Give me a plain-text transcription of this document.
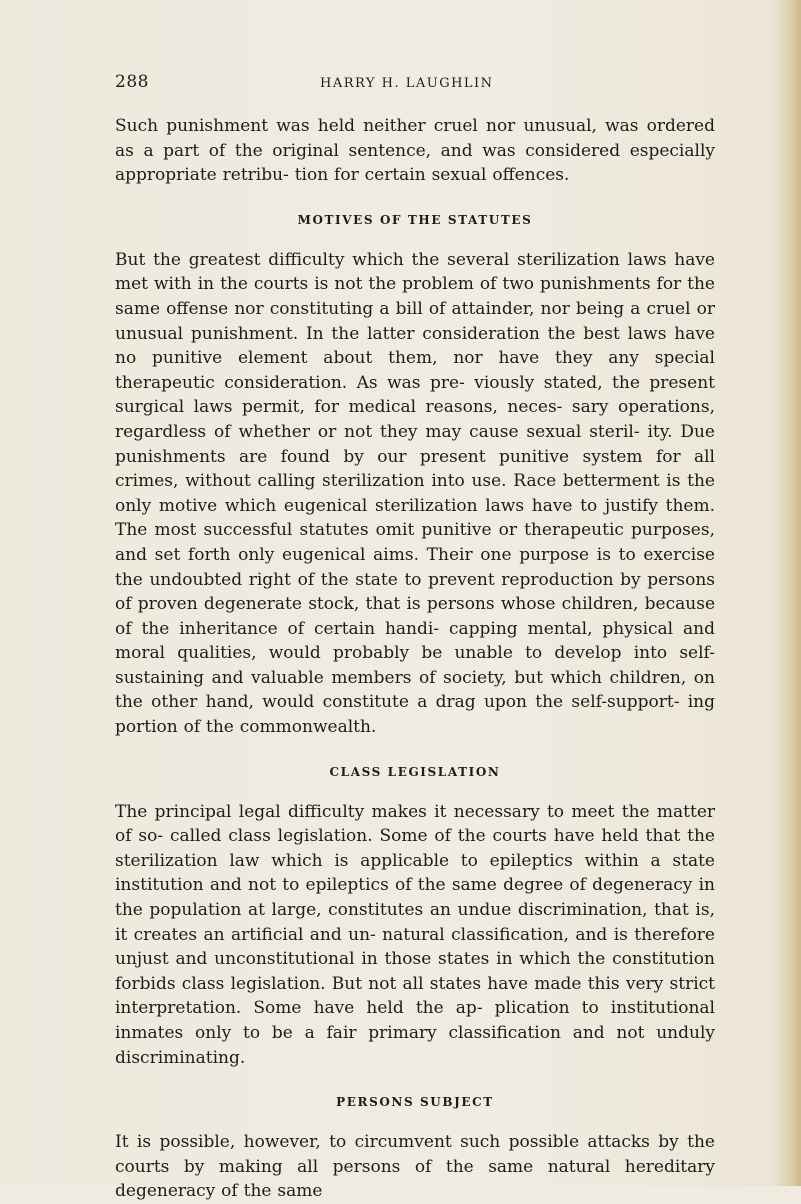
288	HARRY H. LAUGHLIN

Such punishment was held neither cruel nor unusual, was ordered as a part of the original sentence, and was considered especially appropriate retribu- tion for certain sexual offences.

MOTIVES OF THE STATUTES

But the greatest difficulty which the several sterilization laws have met with in the courts is not the problem of two punishments for the same offense nor constituting a bill of attainder, nor being a cruel or unusual punishment. In the latter consideration the best laws have no punitive element about them, nor have they any special therapeutic consideration. As was pre- viously stated, the present surgical laws permit, for medical reasons, neces- sary operations, regardless of whether or not they may cause sexual steril- ity. Due punishments are found by our present punitive system for all crimes, without calling sterilization into use. Race betterment is the only motive which eugenical sterilization laws have to justify them. The most successful statutes omit punitive or therapeutic purposes, and set forth only eugenical aims. Their one purpose is to exercise the undoubted right of the state to prevent reproduction by persons of proven degenerate stock, that is persons whose children, because of the inheritance of certain handi- capping mental, physical and moral qualities, would probably be unable to develop into self-sustaining and valuable members of society, but which children, on the other hand, would constitute a drag upon the self-support- ing portion of the commonwealth.

CLASS LEGISLATION

The principal legal difficulty makes it necessary to meet the matter of so- called class legislation. Some of the courts have held that the sterilization law which is applicable to epileptics within a state institution and not to epileptics of the same degree of degeneracy in the population at large, constitutes an undue discrimination, that is, it creates an artificial and un- natural classification, and is therefore unjust and unconstitutional in those states in which the constitution forbids class legislation. But not all states have made this very strict interpretation. Some have held the ap- plication to institutional inmates only to be a fair primary classification and not unduly discriminating.

PERSONS SUBJECT

It is possible, however, to circumvent such possible attacks by the courts by making all persons of the same natural hereditary degeneracy of the same
